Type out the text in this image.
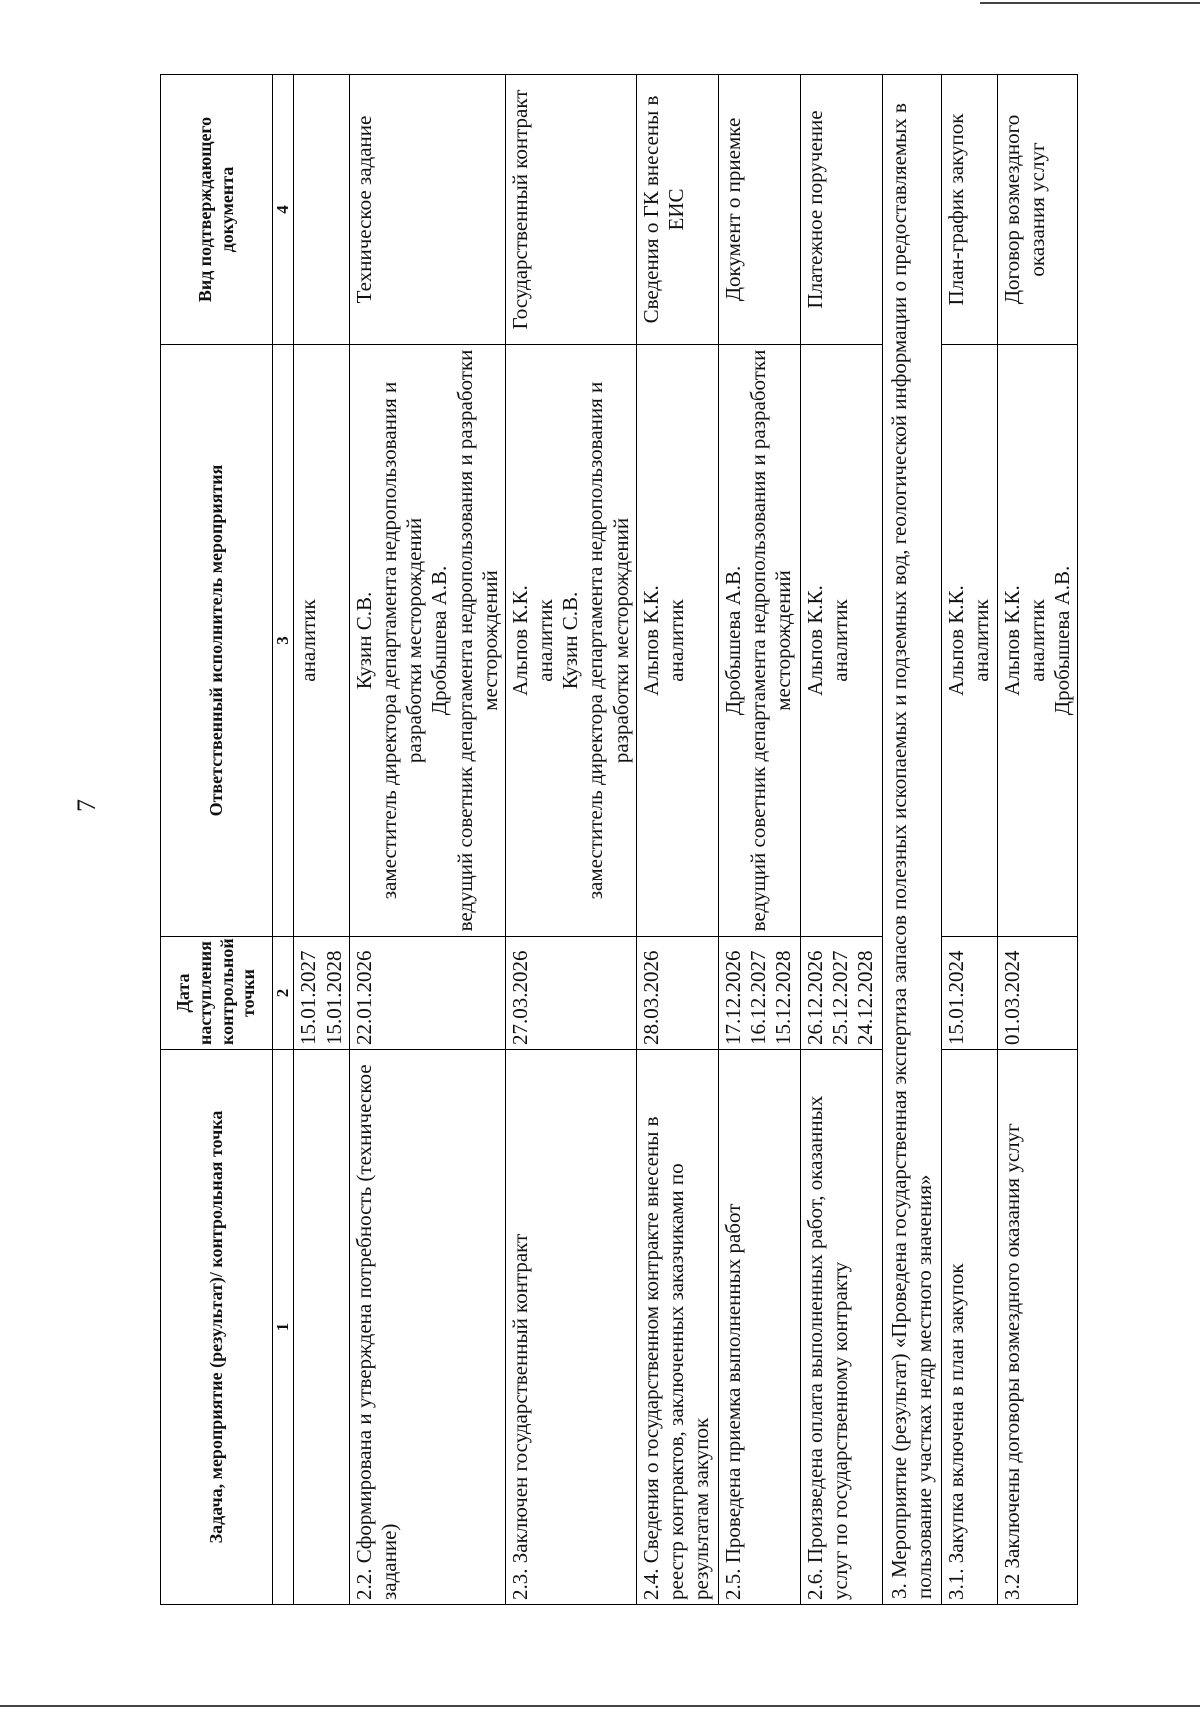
7
Задача, мероприятие (результат)/ контрольная точка	Дата наступления контрольной точки	Ответственный исполнитель мероприятия	Вид подтверждающего документа
1	2	3	4

	15.01.2027 15.01.2028	аналитик	
2.2. Сформирована и утверждена потребность (техническое задание)	22.01.2026	Кузин С.В. заместитель директора департамента недропользования и разработки месторождений Дробышева А.В. ведущий советник департамента недропользования и разработки месторождений	Техническое задание
2.3. Заключен государственный контракт	27.03.2026	Альпов К.К. аналитик Кузин С.В. заместитель директора департамента недропользования и разработки месторождений	Государственный контракт
2.4. Сведения о государственном контракте внесены в реестр контрактов, заключенных заказчиками по результатам закупок	28.03.2026	Альпов К.К. аналитик	Сведения о ГК внесены в ЕИС
2.5. Проведена приемка выполненных работ	17.12.2026 16.12.2027 15.12.2028	Дробышева А.В. ведущий советник департамента недропользования и разработки месторождений	Документ о приемке
2.6. Произведена оплата выполненных работ, оказанных услуг по государственному контракту	26.12.2026 25.12.2027 24.12.2028	Альпов К.К. аналитик	Платежное поручение
3. Мероприятие (результат) «Проведена государственная экспертиза запасов полезных ископаемых и подземных вод, геологической информации о предоставляемых в пользование участках недр местного значения»			
3.1. Закупка включена в план закупок	15.01.2024	Альпов К.К. аналитик	План-график закупок
3.2 Заключены договоры возмездного оказания услуг	01.03.2024	Альпов К.К. аналитик Дробышева А.В.	Договор возмездного оказания услуг
